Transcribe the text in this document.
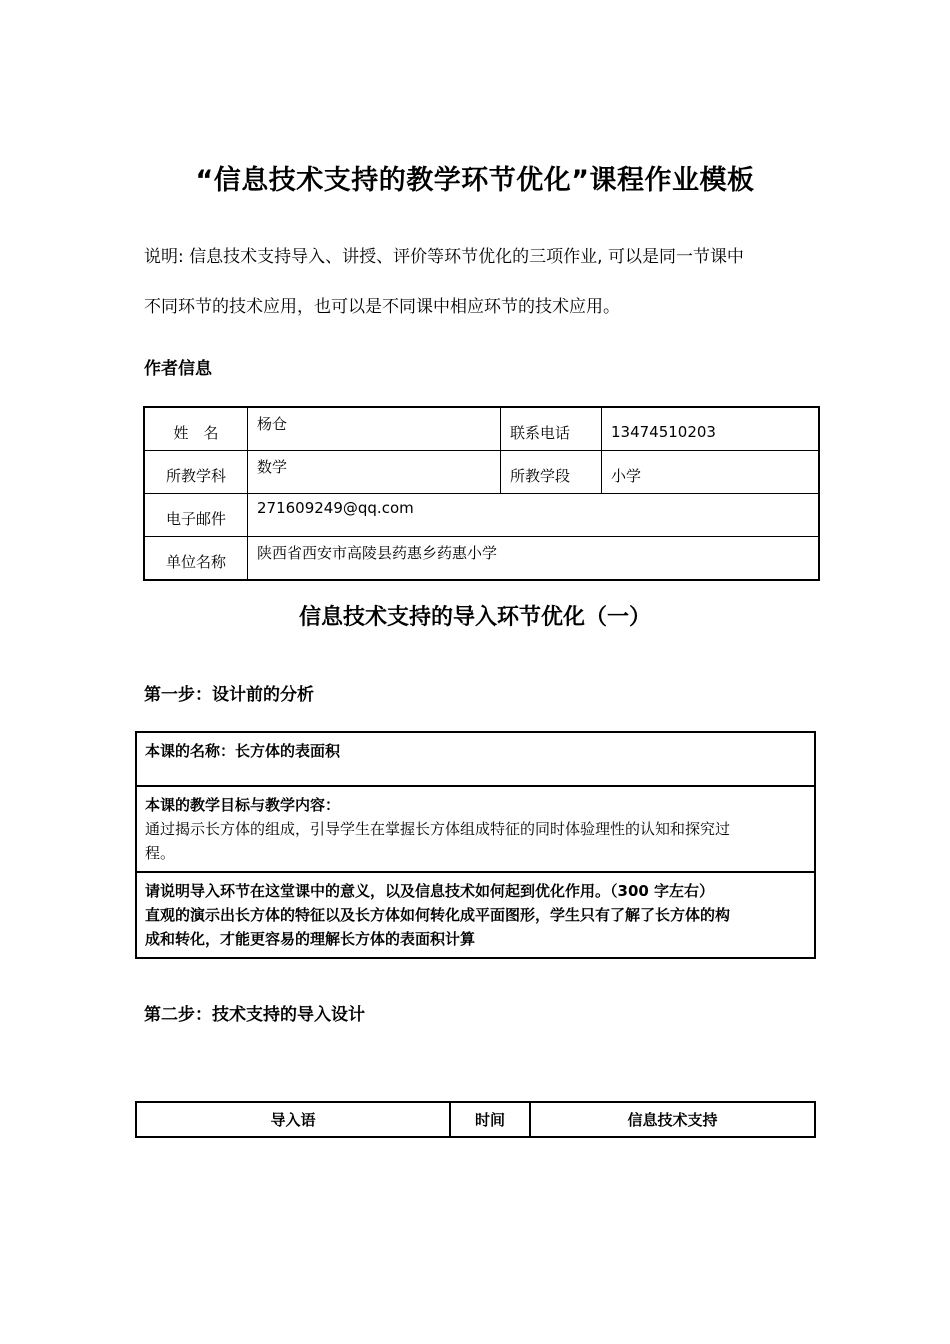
“信息技术支持的教学环节优化”课程作业模板

说明: 信息技术支持导入、讲授、评价等环节优化的三项作业, 可以是同一节课中

不同环节的技术应用，也可以是不同课中相应环节的技术应用。

作者信息

姓　名	杨仓	联系电话	13474510203
所教学科	数学	所教学段	小学
电子邮件	271609249@qq.com		
单位名称	陕西省西安市高陵县药惠乡药惠小学		
信息技术支持的导入环节优化（一）

第一步：设计前的分析

本课的名称：长方体的表面积

本课的教学目标与教学内容：
通过揭示长方体的组成，引导学生在掌握长方体组成特征的同时体验理性的认知和探究过
程。

请说明导入环节在这堂课中的意义，以及信息技术如何起到优化作用。（300 字左右）
直观的演示出长方体的特征以及长方体如何转化成平面图形，学生只有了解了长方体的构
成和转化，才能更容易的理解长方体的表面积计算

第二步：技术支持的导入设计

导入语	时间	信息技术支持
